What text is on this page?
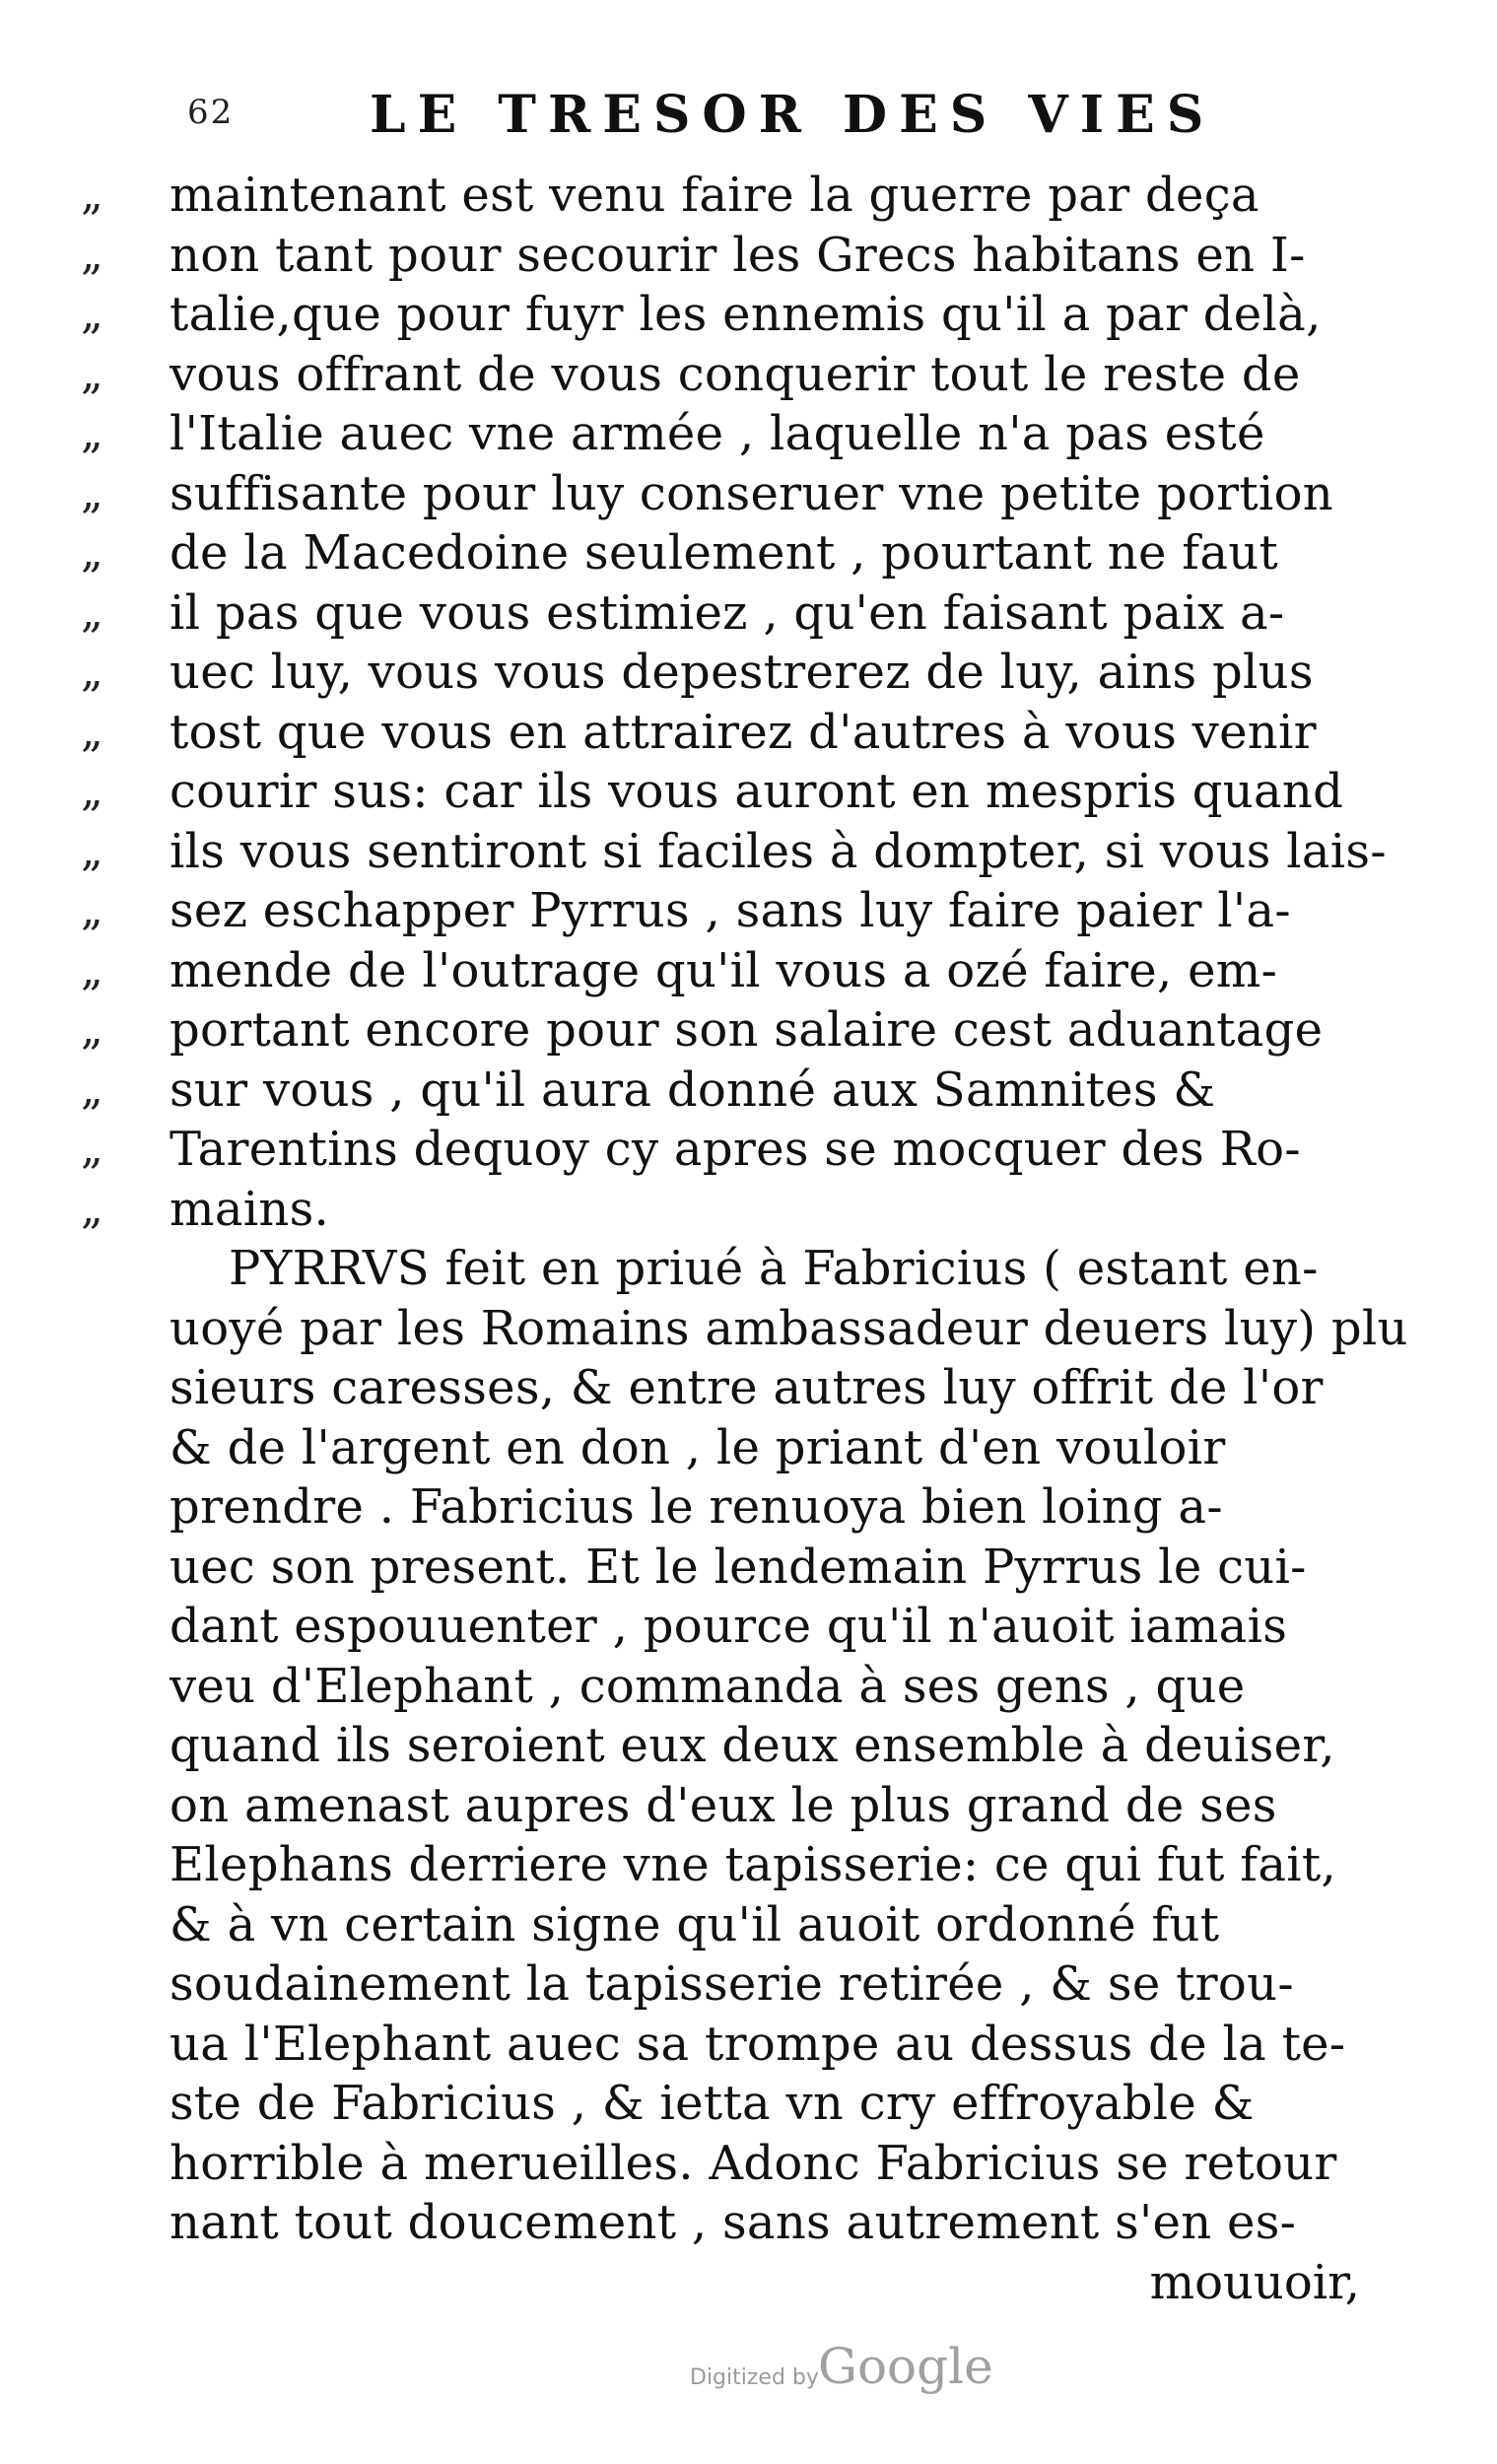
62	LE TRESOR DES VIES
„ maintenant est venu faire la guerre par deça
„ non tant pour secourir les Grecs habitans en I-
„ talie,que pour fuyr les ennemis qu'il a par delà,
„ vous offrant de vous conquerir tout le reste de
„ l'Italie auec vne armée , laquelle n'a pas esté
„ suffisante pour luy conseruer vne petite portion
„ de la Macedoine seulement , pourtant ne faut
„ il pas que vous estimiez , qu'en faisant paix a-
„ uec luy, vous vous depestrerez de luy, ains plus
„ tost que vous en attrairez d'autres à vous venir
„ courir sus: car ils vous auront en mespris quand
„ ils vous sentiront si faciles à dompter, si vous lais-
„ sez eschapper Pyrrus , sans luy faire paier l'a-
„ mende de l'outrage qu'il vous a ozé faire, em-
„ portant encore pour son salaire cest aduantage
„ sur vous , qu'il aura donné aux Samnites &
„ Tarentins dequoy cy apres se mocquer des Ro-
„ mains.
PYRRVS feit en priué à Fabricius ( estant en-
uoyé par les Romains ambassadeur deuers luy) plu
sieurs caresses, & entre autres luy offrit de l'or
& de l'argent en don , le priant d'en vouloir
prendre . Fabricius le renuoya bien loing a-
uec son present. Et le lendemain Pyrrus le cui-
dant espouuenter , pource qu'il n'auoit iamais
veu d'Elephant , commanda à ses gens , que
quand ils seroient eux deux ensemble à deuiser,
on amenast aupres d'eux le plus grand de ses
Elephans derriere vne tapisserie: ce qui fut fait,
& à vn certain signe qu'il auoit ordonné fut
soudainement la tapisserie retirée , & se trou-
ua l'Elephant auec sa trompe au dessus de la te-
ste de Fabricius , & ietta vn cry effroyable &
horrible à merueilles. Adonc Fabricius se retour
nant tout doucement , sans autrement s'en es-
mouuoir,
Digitized by Google
